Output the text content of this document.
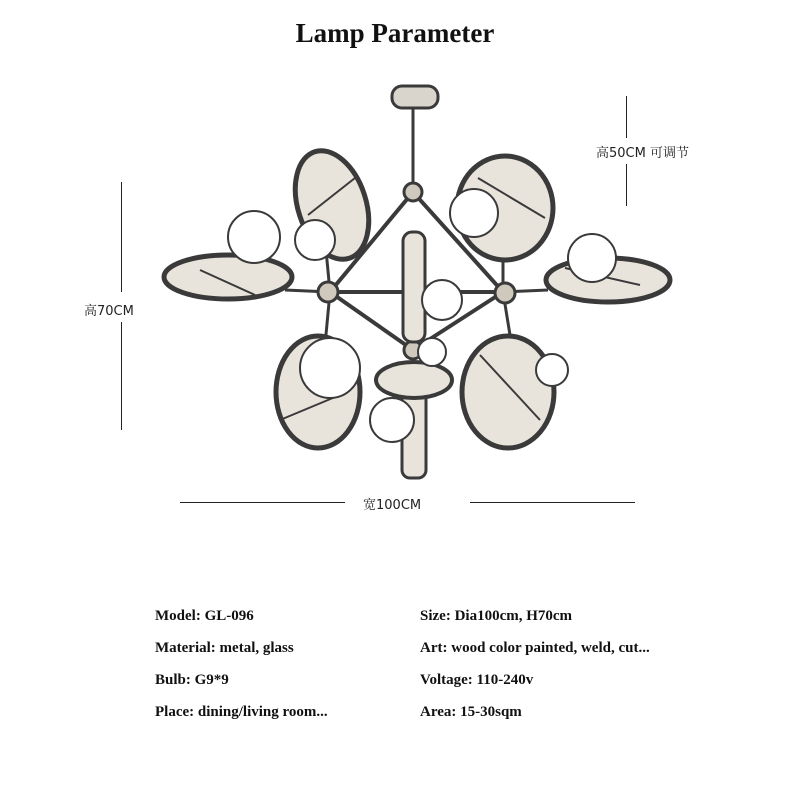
Lamp Parameter
高50CM 可调节
高70CM
宽100CM
Model: GL-096	Size: Dia100cm, H70cm
Material: metal, glass	Art: wood color painted, weld, cut...
Bulb: G9*9	Voltage: 110-240v
Place: dining/living room...	Area: 15-30sqm
